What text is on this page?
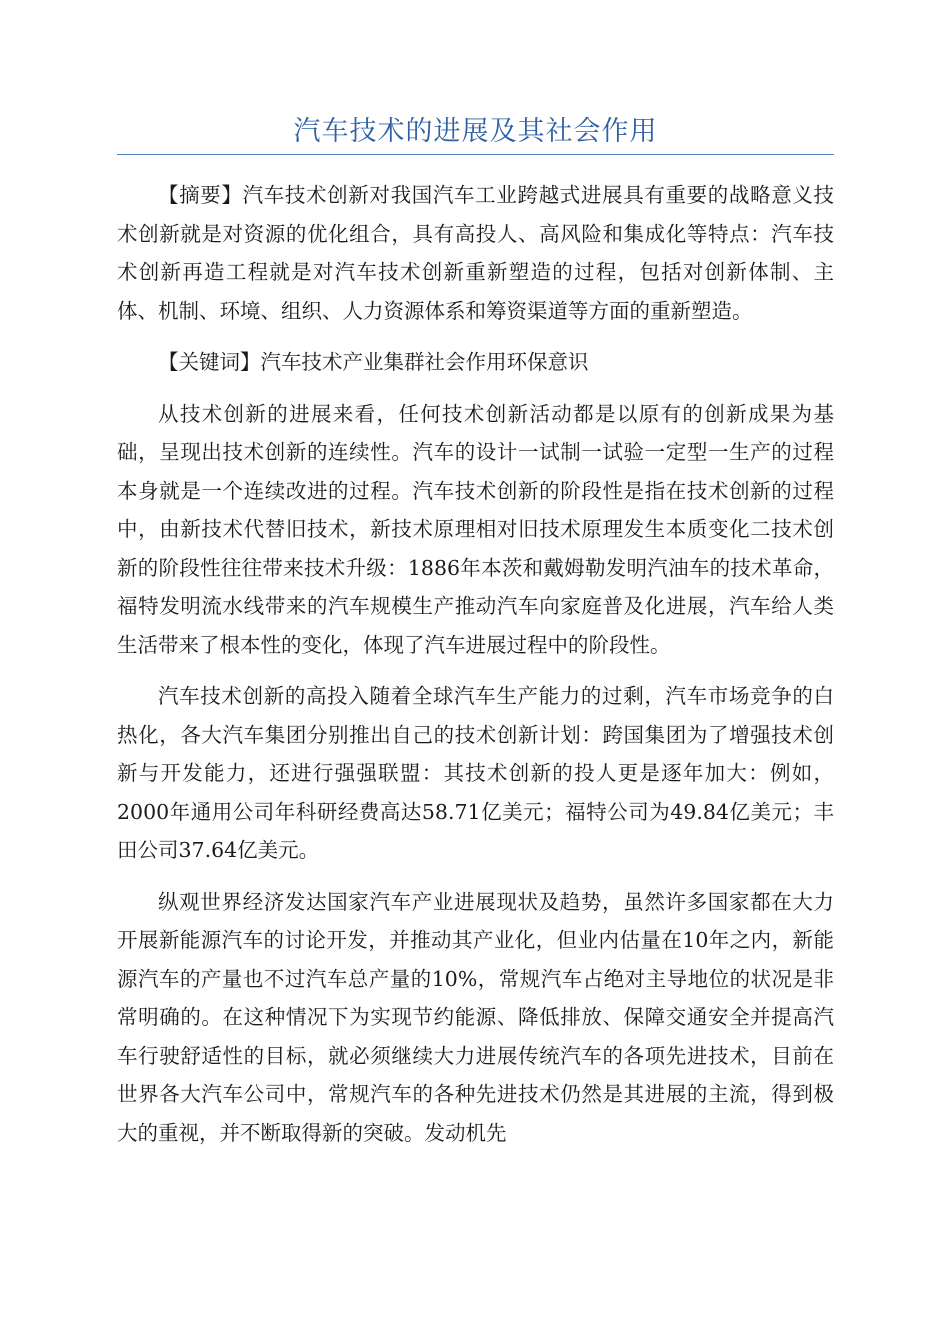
汽车技术的进展及其社会作用

【摘要】汽车技术创新对我国汽车工业跨越式进展具有重要的战略意义技术创新就是对资源的优化组合，具有高投人、高风险和集成化等特点：汽车技术创新再造工程就是对汽车技术创新重新塑造的过程，包括对创新体制、主体、机制、环境、组织、人力资源体系和筹资渠道等方面的重新塑造。

【关键词】汽车技术产业集群社会作用环保意识

从技术创新的进展来看，任何技术创新活动都是以原有的创新成果为基础，呈现出技术创新的连续性。汽车的设计一试制一试验一定型一生产的过程本身就是一个连续改进的过程。汽车技术创新的阶段性是指在技术创新的过程中，由新技术代替旧技术，新技术原理相对旧技术原理发生本质变化二技术创新的阶段性往往带来技术升级：1886年本茨和戴姆勒发明汽油车的技术革命，福特发明流水线带来的汽车规模生产推动汽车向家庭普及化进展，汽车给人类生活带来了根本性的变化，体现了汽车进展过程中的阶段性。

汽车技术创新的高投入随着全球汽车生产能力的过剩，汽车市场竞争的白热化，各大汽车集团分别推出自己的技术创新计划：跨国集团为了增强技术创新与开发能力，还进行强强联盟：其技术创新的投人更是逐年加大：例如，2000年通用公司年科研经费高达58.71亿美元；福特公司为49.84亿美元；丰田公司37.64亿美元。

纵观世界经济发达国家汽车产业进展现状及趋势，虽然许多国家都在大力开展新能源汽车的讨论开发，并推动其产业化，但业内估量在10年之内，新能源汽车的产量也不过汽车总产量的10%，常规汽车占绝对主导地位的状况是非常明确的。在这种情况下为实现节约能源、降低排放、保障交通安全并提高汽车行驶舒适性的目标，就必须继续大力进展传统汽车的各项先进技术，目前在世界各大汽车公司中，常规汽车的各种先进技术仍然是其进展的主流，得到极大的重视，并不断取得新的突破。发动机先
